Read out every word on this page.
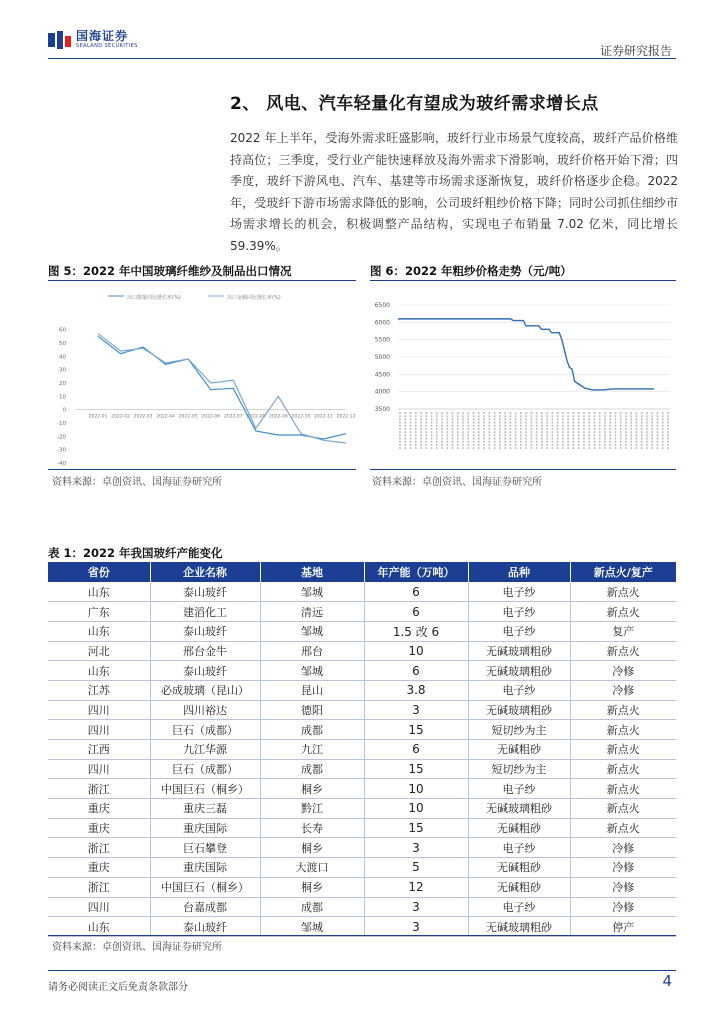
国海证券
SEALAND SECURITIES	证券研究报告
2、 风电、汽车轻量化有望成为玻纤需求增长点
2022 年上半年，受海外需求旺盛影响，玻纤行业市场景气度较高，玻纤产品价格维持高位；三季度，受行业产能快速释放及海外需求下滑影响，玻纤价格开始下滑；四季度，玻纤下游风电、汽车、基建等市场需求逐渐恢复，玻纤价格逐步企稳。2022 年，受玻纤下游市场需求降低的影响，公司玻纤粗纱价格下降；同时公司抓住细纱市场需求增长的机会，积极调整产品结构，实现电子布销量 7.02 亿米，同比增长 59.39%。
图 5：2022 年中国玻璃纤维纱及制品出口情况
出口数量同比增长率(%)	出口金额同比增长率(%)
60
50
40
30
20
10
0
-10
-20
-30
-40
2022-01 2022-02 2022-03 2022-04 2022-05 2022-06 2022-07 2022-08 2022-09 2022-10 2022-11 2022-12
资料来源：卓创资讯、国海证券研究所
图 6：2022 年粗纱价格走势（元/吨）
3500
4000
4500
5000
5500
6000
6500
资料来源：卓创资讯、国海证券研究所
表 1：2022 年我国玻纤产能变化
省份	企业名称	基地	年产能（万吨）	品种	新点火/复产
山东	泰山玻纤	邹城	6	电子纱	新点火
广东	建滔化工	清远	6	电子纱	新点火
山东	泰山玻纤	邹城	1.5 改 6	电子纱	复产
河北	邢台金牛	邢台	10	无碱玻璃粗砂	新点火
山东	泰山玻纤	邹城	6	无碱玻璃粗砂	冷修
江苏	必成玻璃（昆山）	昆山	3.8	电子纱	冷修
四川	四川裕达	德阳	3	无碱玻璃粗砂	新点火
四川	巨石（成都）	成都	15	短切纱为主	新点火
江西	九江华源	九江	6	无碱粗砂	新点火
四川	巨石（成都）	成都	15	短切纱为主	新点火
浙江	中国巨石（桐乡）	桐乡	10	电子纱	新点火
重庆	重庆三磊	黔江	10	无碱玻璃粗砂	新点火
重庆	重庆国际	长寿	15	无碱粗砂	新点火
浙江	巨石攀登	桐乡	3	电子纱	冷修
重庆	重庆国际	大渡口	5	无碱粗砂	冷修
浙江	中国巨石（桐乡）	桐乡	12	无碱粗砂	冷修
四川	台嘉成都	成都	3	电子纱	冷修
山东	泰山玻纤	邹城	3	无碱玻璃粗砂	停产
资料来源：卓创资讯、国海证券研究所
请务必阅读正文后免责条款部分	4
